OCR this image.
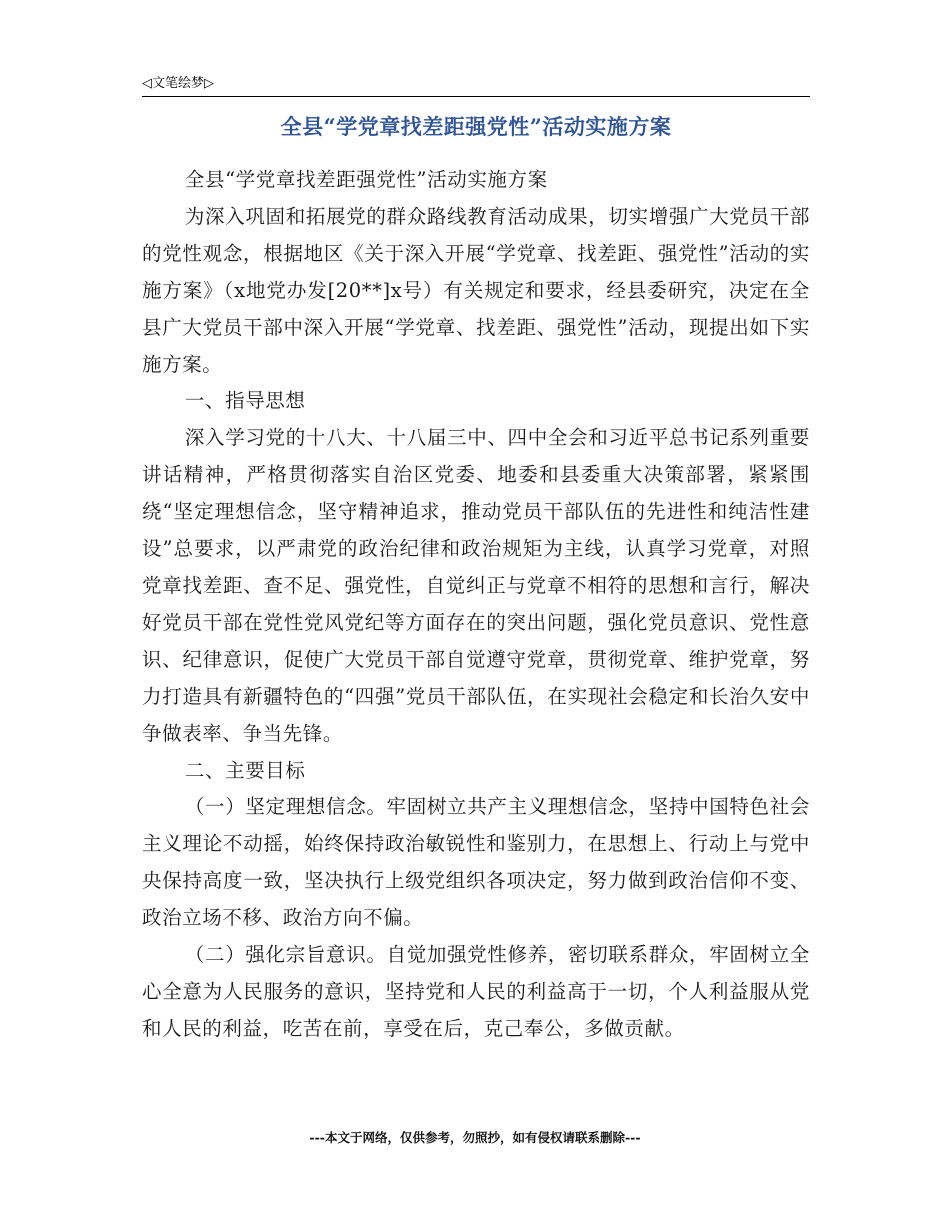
◁文笔绘梦▷
全县“学党章找差距强党性”活动实施方案

全县“学党章找差距强党性”活动实施方案

为深入巩固和拓展党的群众路线教育活动成果，切实增强广大党员干部的党性观念，根据地区《关于深入开展“学党章、找差距、强党性”活动的实施方案》（x地党办发[20**]x号）有关规定和要求，经县委研究，决定在全县广大党员干部中深入开展“学党章、找差距、强党性”活动，现提出如下实施方案。

一、指导思想

深入学习党的十八大、十八届三中、四中全会和习近平总书记系列重要讲话精神，严格贯彻落实自治区党委、地委和县委重大决策部署，紧紧围绕“坚定理想信念，坚守精神追求，推动党员干部队伍的先进性和纯洁性建设”总要求，以严肃党的政治纪律和政治规矩为主线，认真学习党章，对照党章找差距、查不足、强党性，自觉纠正与党章不相符的思想和言行，解决好党员干部在党性党风党纪等方面存在的突出问题，强化党员意识、党性意识、纪律意识，促使广大党员干部自觉遵守党章，贯彻党章、维护党章，努力打造具有新疆特色的“四强”党员干部队伍，在实现社会稳定和长治久安中争做表率、争当先锋。

二、主要目标

（一）坚定理想信念。牢固树立共产主义理想信念，坚持中国特色社会主义理论不动摇，始终保持政治敏锐性和鉴别力，在思想上、行动上与党中央保持高度一致，坚决执行上级党组织各项决定，努力做到政治信仰不变、政治立场不移、政治方向不偏。

（二）强化宗旨意识。自觉加强党性修养，密切联系群众，牢固树立全心全意为人民服务的意识，坚持党和人民的利益高于一切，个人利益服从党和人民的利益，吃苦在前，享受在后，克己奉公，多做贡献。

---本文于网络，仅供参考，勿照抄，如有侵权请联系删除---
